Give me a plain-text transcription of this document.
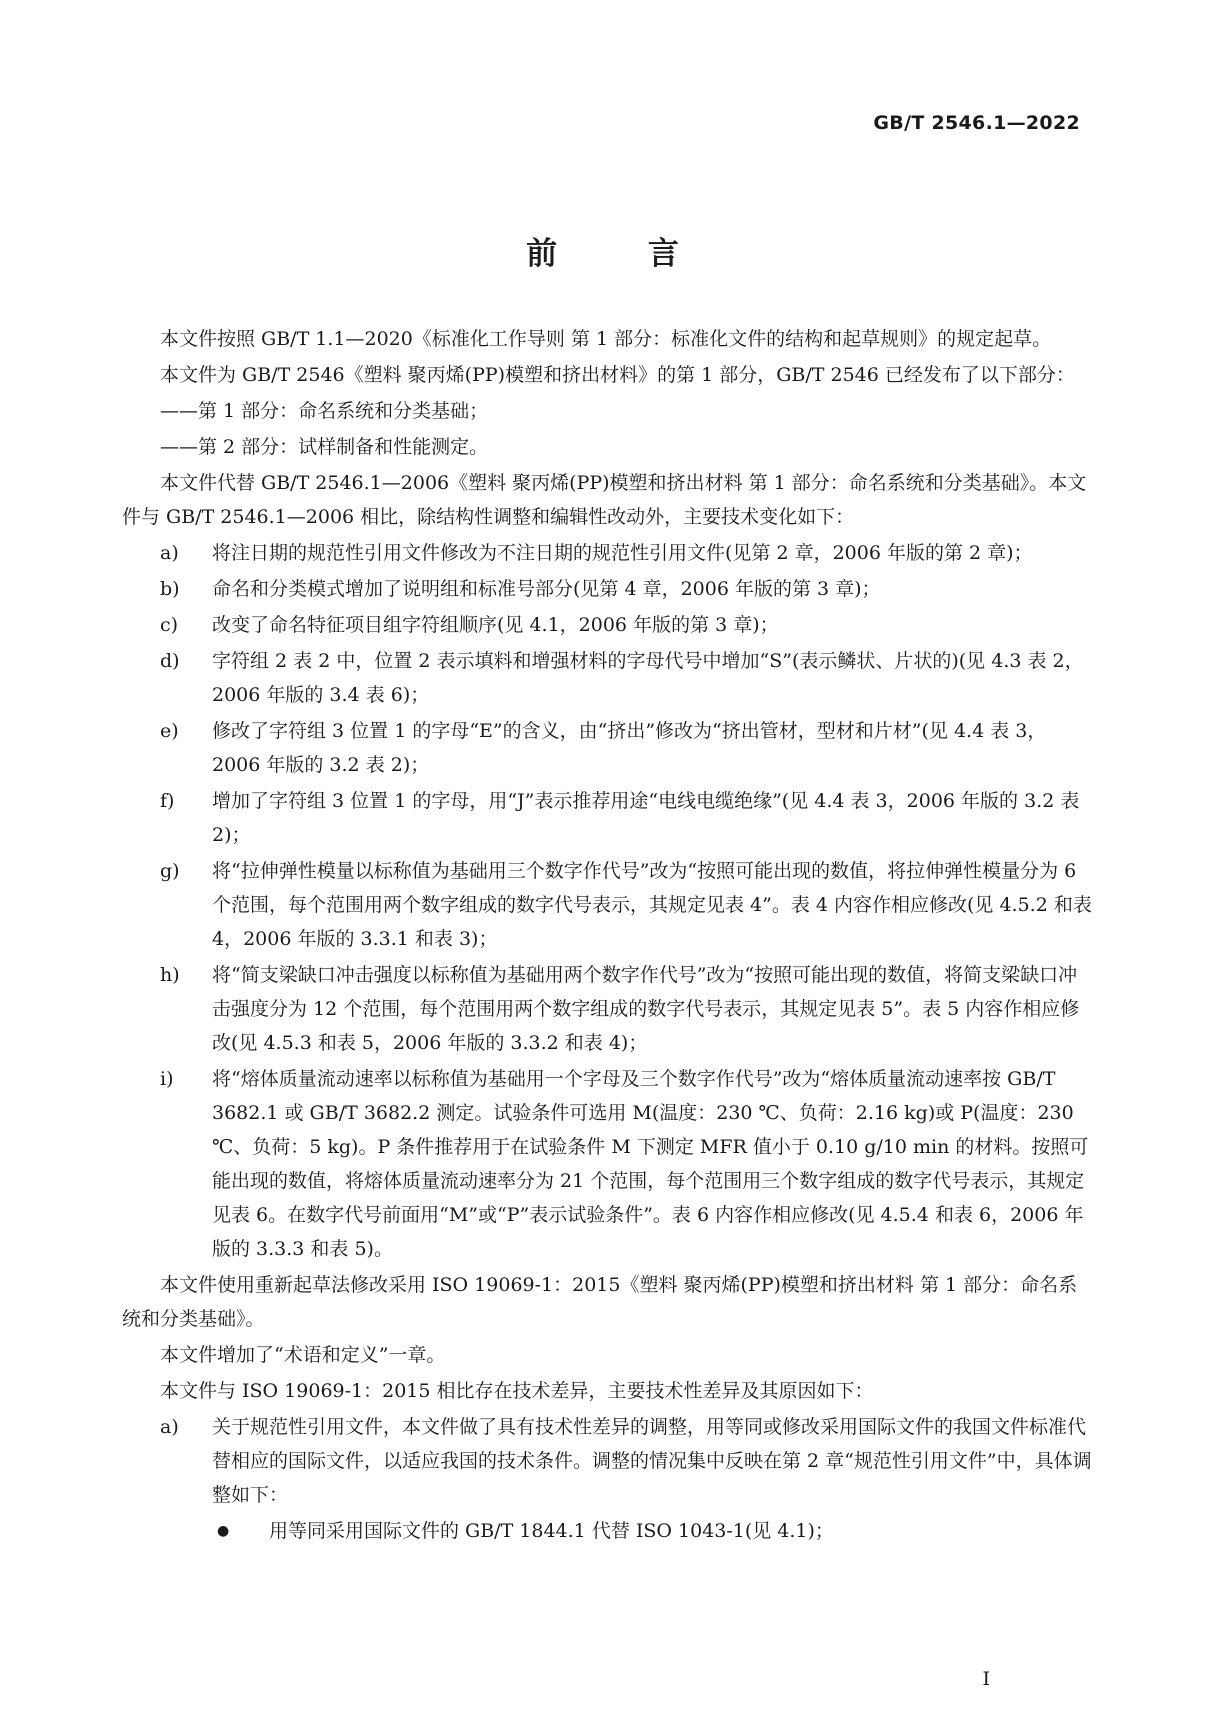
GB/T 2546.1—2022
前 言

本文件按照 GB/T 1.1—2020《标准化工作导则 第 1 部分：标准化文件的结构和起草规则》的规定起草。

本文件为 GB/T 2546《塑料 聚丙烯(PP)模塑和挤出材料》的第 1 部分，GB/T 2546 已经发布了以下部分：

——第 1 部分：命名系统和分类基础；

——第 2 部分：试样制备和性能测定。

本文件代替 GB/T 2546.1—2006《塑料 聚丙烯(PP)模塑和挤出材料 第 1 部分：命名系统和分类基础》。本文件与 GB/T 2546.1—2006 相比，除结构性调整和编辑性改动外，主要技术变化如下：

a)	将注日期的规范性引用文件修改为不注日期的规范性引用文件(见第 2 章，2006 年版的第 2 章)；
b)	命名和分类模式增加了说明组和标准号部分(见第 4 章，2006 年版的第 3 章)；
c)	改变了命名特征项目组字符组顺序(见 4.1，2006 年版的第 3 章)；
d)	字符组 2 表 2 中，位置 2 表示填料和增强材料的字母代号中增加“S”(表示鳞状、片状的)(见 4.3 表 2，2006 年版的 3.4 表 6)；
e)	修改了字符组 3 位置 1 的字母“E”的含义，由“挤出”修改为“挤出管材，型材和片材”(见 4.4 表 3，2006 年版的 3.2 表 2)；
f)	增加了字符组 3 位置 1 的字母，用“J”表示推荐用途“电线电缆绝缘”(见 4.4 表 3，2006 年版的 3.2 表 2)；
g)	将“拉伸弹性模量以标称值为基础用三个数字作代号”改为“按照可能出现的数值，将拉伸弹性模量分为 6 个范围，每个范围用两个数字组成的数字代号表示，其规定见表 4”。表 4 内容作相应修改(见 4.5.2 和表 4，2006 年版的 3.3.1 和表 3)；
h)	将“简支梁缺口冲击强度以标称值为基础用两个数字作代号”改为“按照可能出现的数值，将简支梁缺口冲击强度分为 12 个范围，每个范围用两个数字组成的数字代号表示，其规定见表 5”。表 5 内容作相应修改(见 4.5.3 和表 5，2006 年版的 3.3.2 和表 4)；
i)	将“熔体质量流动速率以标称值为基础用一个字母及三个数字作代号”改为“熔体质量流动速率按 GB/T 3682.1 或 GB/T 3682.2 测定。试验条件可选用 M(温度：230 ℃、负荷：2.16 kg)或 P(温度：230 ℃、负荷：5 kg)。P 条件推荐用于在试验条件 M 下测定 MFR 值小于 0.10 g/10 min 的材料。按照可能出现的数值，将熔体质量流动速率分为 21 个范围，每个范围用三个数字组成的数字代号表示，其规定见表 6。在数字代号前面用“M”或“P”表示试验条件”。表 6 内容作相应修改(见 4.5.4 和表 6，2006 年版的 3.3.3 和表 5)。

本文件使用重新起草法修改采用 ISO 19069-1：2015《塑料 聚丙烯(PP)模塑和挤出材料 第 1 部分：命名系统和分类基础》。

本文件增加了“术语和定义”一章。

本文件与 ISO 19069-1：2015 相比存在技术差异，主要技术性差异及其原因如下：

a)	关于规范性引用文件，本文件做了具有技术性差异的调整，用等同或修改采用国际文件的我国文件标准代替相应的国际文件，以适应我国的技术条件。调整的情况集中反映在第 2 章“规范性引用文件”中，具体调整如下：
●	用等同采用国际文件的 GB/T 1844.1 代替 ISO 1043-1(见 4.1)；
I
